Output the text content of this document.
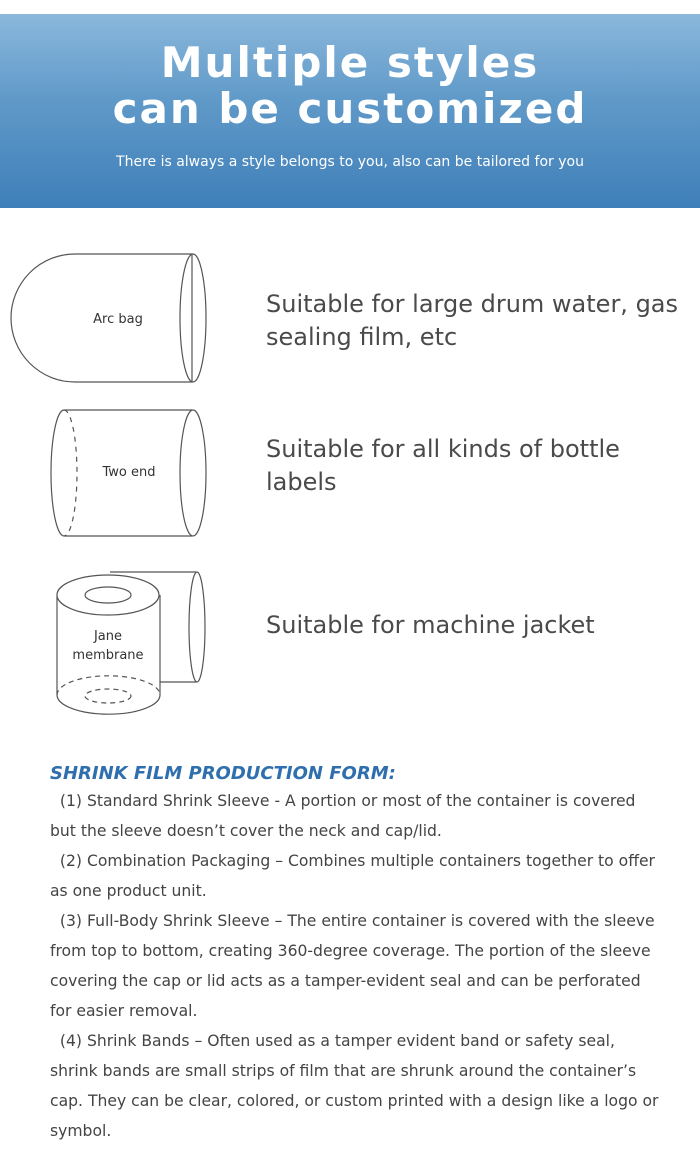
Multiple styles
can be customized

There is always a style belongs to you, also can be tailored for you

Arc bag
Suitable for large drum water, gas sealing film, etc
Two end
Suitable for all kinds of bottle labels
Jane
membrane
Suitable for machine jacket
SHRINK FILM PRODUCTION FORM:

(1) Standard Shrink Sleeve - A portion or most of the container is covered but the sleeve doesn’t cover the neck and cap/lid.

(2) Combination Packaging – Combines multiple containers together to offer as one product unit.

(3) Full-Body Shrink Sleeve – The entire container is covered with the sleeve from top to bottom, creating 360-degree coverage. The portion of the sleeve covering the cap or lid acts as a tamper-evident seal and can be perforated for easier removal.

(4) Shrink Bands – Often used as a tamper evident band or safety seal, shrink bands are small strips of film that are shrunk around the container’s cap. They can be clear, colored, or custom printed with a design like a logo or symbol.
